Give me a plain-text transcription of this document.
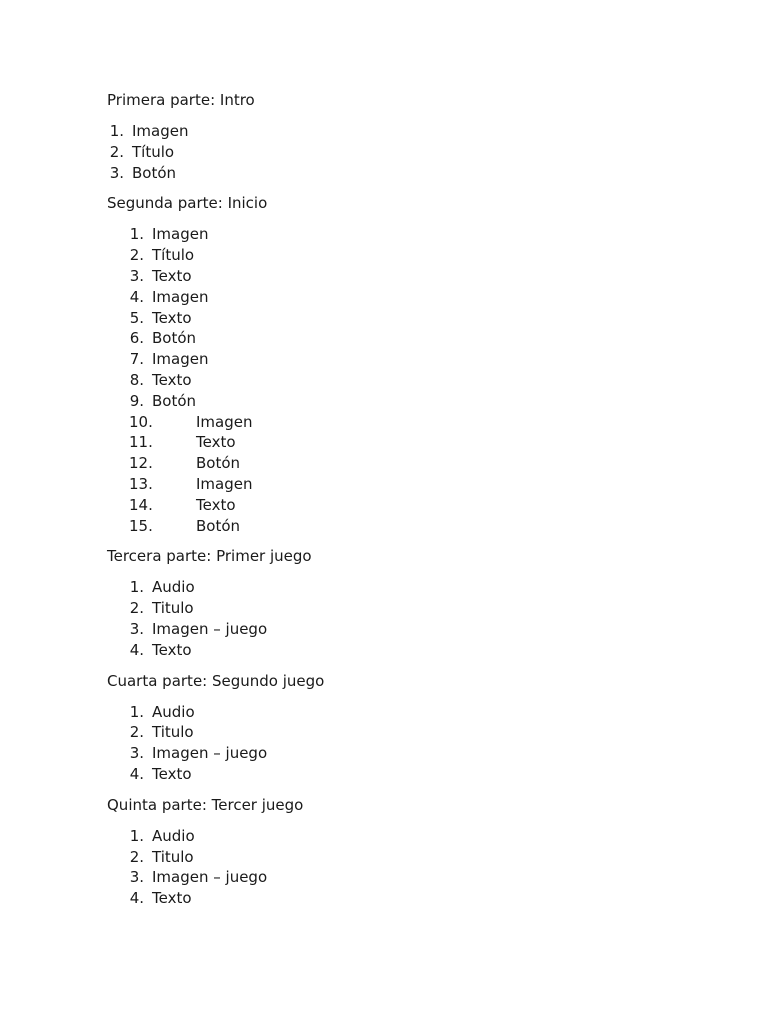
Primera parte: Intro

1. Imagen
2. Título
3. Botón

Segunda parte: Inicio

1. Imagen
2. Título
3. Texto
4. Imagen
5. Texto
6. Botón
7. Imagen
8. Texto
9. Botón
10.	Imagen
11.	Texto
12.	Botón
13.	Imagen
14.	Texto
15.	Botón

Tercera parte: Primer juego

1. Audio
2. Titulo
3. Imagen – juego
4. Texto

Cuarta parte: Segundo juego

1. Audio
2. Titulo
3. Imagen – juego
4. Texto

Quinta parte: Tercer juego

1. Audio
2. Titulo
3. Imagen – juego
4. Texto
